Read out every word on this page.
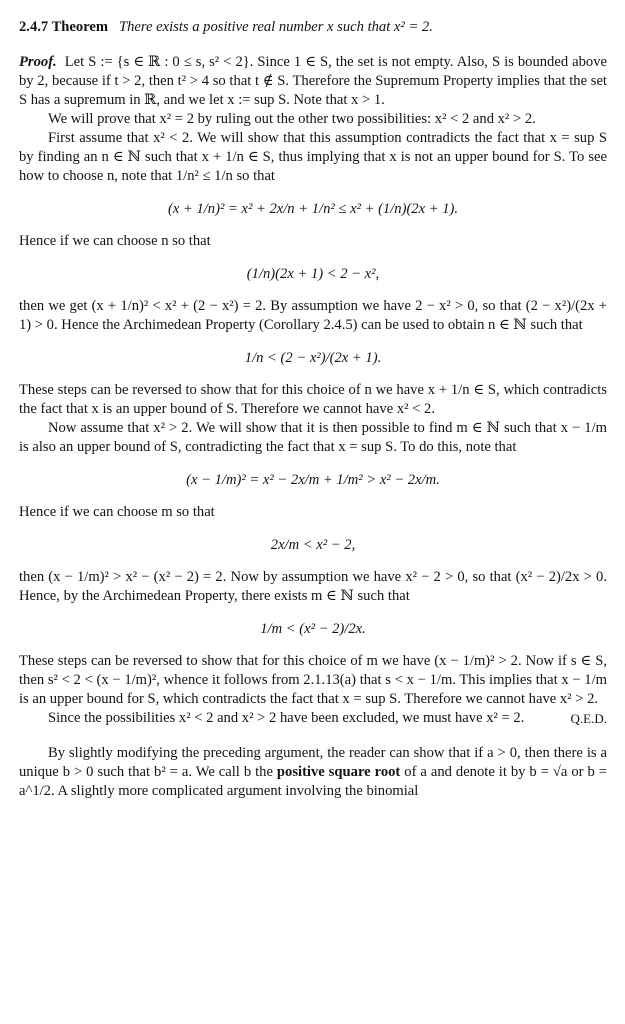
2.4.7 Theorem There exists a positive real number x such that x² = 2.

Proof. Let S := {s ∈ ℝ : 0 ≤ s, s² < 2}. Since 1 ∈ S, the set is not empty. Also, S is bounded above by 2, because if t > 2, then t² > 4 so that t ∉ S. Therefore the Supremum Property implies that the set S has a supremum in ℝ, and we let x := sup S. Note that x > 1.

We will prove that x² = 2 by ruling out the other two possibilities: x² < 2 and x² > 2.

First assume that x² < 2. We will show that this assumption contradicts the fact that x = sup S by finding an n ∈ ℕ such that x + 1/n ∈ S, thus implying that x is not an upper bound for S. To see how to choose n, note that 1/n² ≤ 1/n so that

(x + 1/n)² = x² + 2x/n + 1/n² ≤ x² + (1/n)(2x + 1).

Hence if we can choose n so that

(1/n)(2x + 1) < 2 − x²,

then we get (x + 1/n)² < x² + (2 − x²) = 2. By assumption we have 2 − x² > 0, so that (2 − x²)/(2x + 1) > 0. Hence the Archimedean Property (Corollary 2.4.5) can be used to obtain n ∈ ℕ such that

1/n < (2 − x²)/(2x + 1).

These steps can be reversed to show that for this choice of n we have x + 1/n ∈ S, which contradicts the fact that x is an upper bound of S. Therefore we cannot have x² < 2.

Now assume that x² > 2. We will show that it is then possible to find m ∈ ℕ such that x − 1/m is also an upper bound of S, contradicting the fact that x = sup S. To do this, note that

(x − 1/m)² = x² − 2x/m + 1/m² > x² − 2x/m.

Hence if we can choose m so that

2x/m < x² − 2,

then (x − 1/m)² > x² − (x² − 2) = 2. Now by assumption we have x² − 2 > 0, so that (x² − 2)/2x > 0. Hence, by the Archimedean Property, there exists m ∈ ℕ such that

1/m < (x² − 2)/2x.

These steps can be reversed to show that for this choice of m we have (x − 1/m)² > 2. Now if s ∈ S, then s² < 2 < (x − 1/m)², whence it follows from 2.1.13(a) that s < x − 1/m. This implies that x − 1/m is an upper bound for S, which contradicts the fact that x = sup S. Therefore we cannot have x² > 2.

Since the possibilities x² < 2 and x² > 2 have been excluded, we must have x² = 2.	Q.E.D.

By slightly modifying the preceding argument, the reader can show that if a > 0, then there is a unique b > 0 such that b² = a. We call b the positive square root of a and denote it by b = √a or b = a^1/2. A slightly more complicated argument involving the binomial
